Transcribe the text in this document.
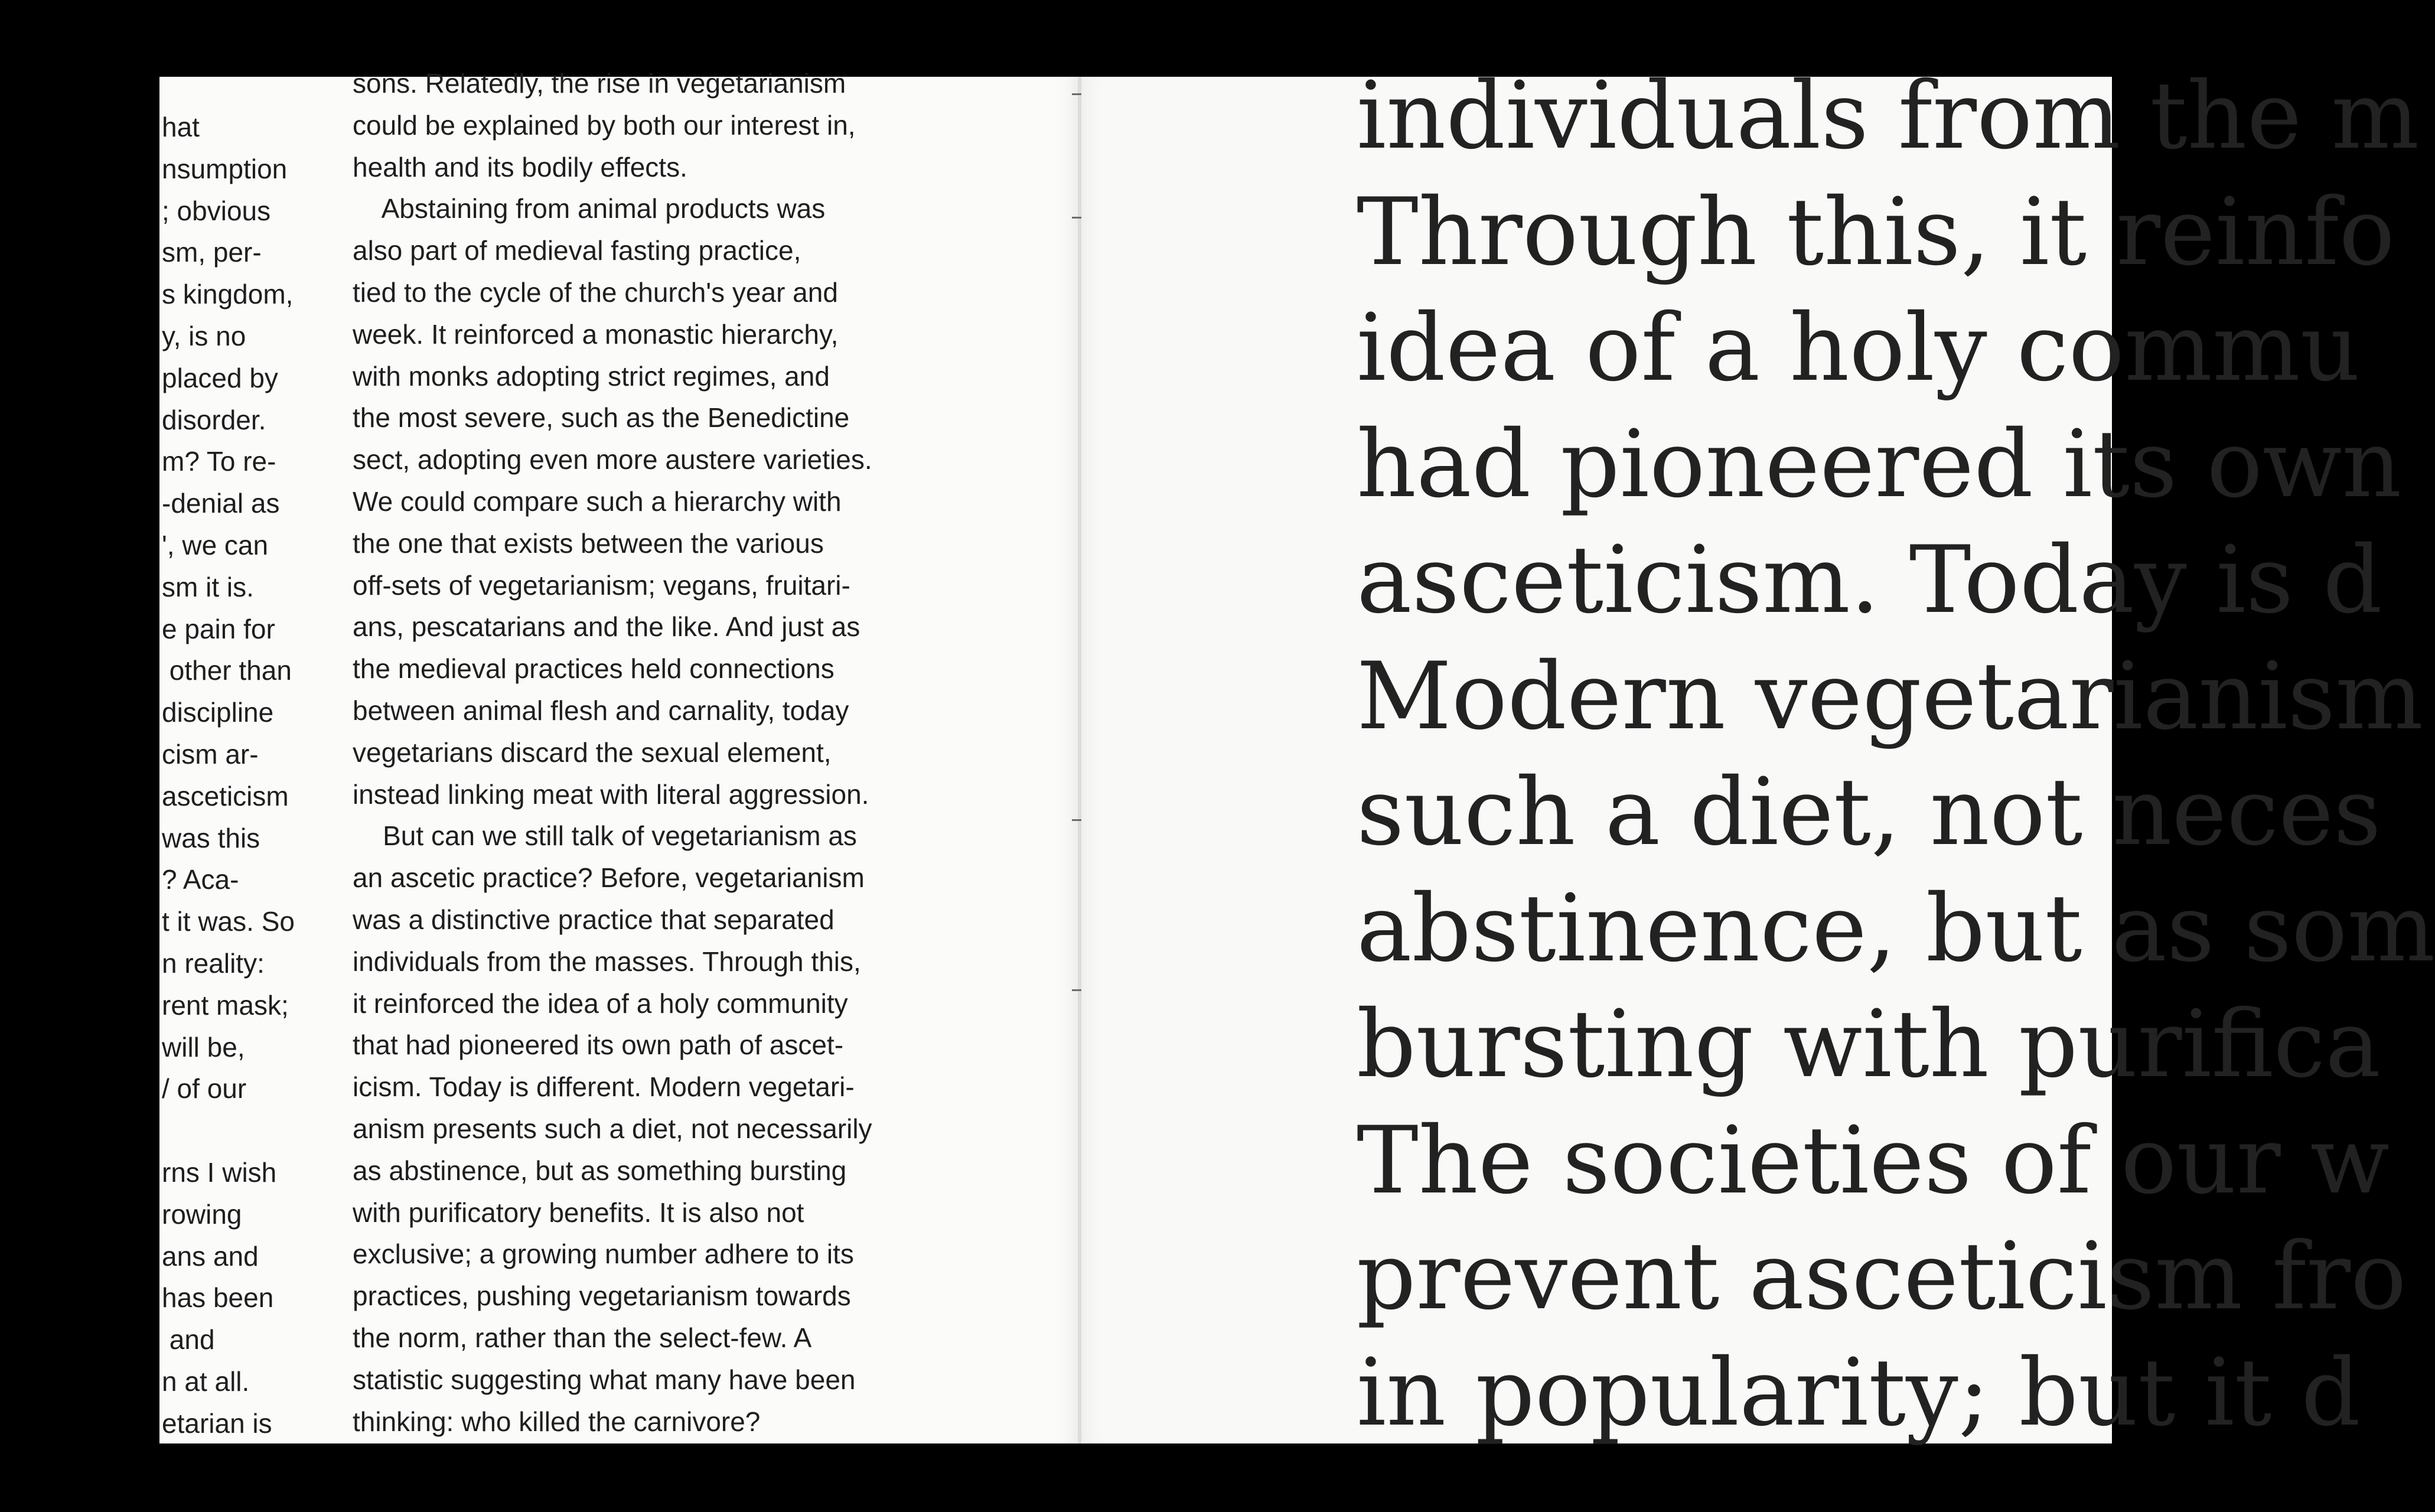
hat
nsumption
; obvious
sm, per-
s kingdom,
y, is no
placed by
disorder.
m? To re-
-denial as
', we can
sm it is.
e pain for
other than
discipline
cism ar-
asceticism
was this
? Aca-
t it was. So
n reality:
rent mask;
will be,
/ of our
rns I wish
rowing
ans and
has been
and
n at all.
etarian is
sons. Relatedly, the rise in vegetarianism
could be explained by both our interest in,
health and its bodily effects.
Abstaining from animal products was
also part of medieval fasting practice,
tied to the cycle of the church's year and
week. It reinforced a monastic hierarchy,
with monks adopting strict regimes, and
the most severe, such as the Benedictine
sect, adopting even more austere varieties.
We could compare such a hierarchy with
the one that exists between the various
off-sets of vegetarianism; vegans, fruitari-
ans, pescatarians and the like. And just as
the medieval practices held connections
between animal flesh and carnality, today
vegetarians discard the sexual element,
instead linking meat with literal aggression.
But can we still talk of vegetarianism as
an ascetic practice? Before, vegetarianism
was a distinctive practice that separated
individuals from the masses. Through this,
it reinforced the idea of a holy community
that had pioneered its own path of ascet-
icism. Today is different. Modern vegetari-
anism presents such a diet, not necessarily
as abstinence, but as something bursting
with purificatory benefits. It is also not
exclusive; a growing number adhere to its
practices, pushing vegetarianism towards
the norm, rather than the select-few. A
statistic suggesting what many have been
thinking: who killed the carnivore?
individuals from the m
Through this, it reinfo
idea of a holy commu
had pioneered its own
asceticism. Today is d
Modern vegetarianism
such a diet, not neces
abstinence, but as som
bursting with purifica
The societies of our w
prevent asceticism fro
in popularity; but it d
